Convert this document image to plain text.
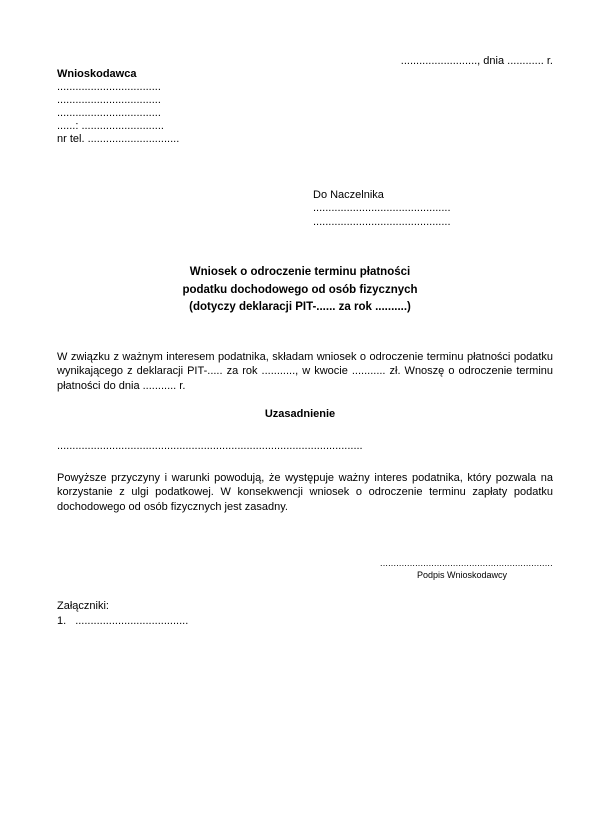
........................., dnia ............ r.
Wnioskodawca
..................................
..................................
..................................
......: ...........................
nr tel. ..............................
Do Naczelnika
.............................................
.............................................
Wniosek o odroczenie terminu płatności
podatku dochodowego od osób fizycznych
(dotyczy deklaracji PIT-...... za rok ..........)
W związku z ważnym interesem podatnika, składam wniosek o odroczenie terminu płatności podatku wynikającego z deklaracji PIT-..... za rok ..........., w kwocie ........... zł. Wnoszę o odroczenie terminu płatności do dnia ........... r.
Uzasadnienie
....................................................................................................
Powyższe przyczyny i warunki powodują, że występuje ważny interes podatnika, który pozwala na korzystanie z ulgi podatkowej. W konsekwencji wniosek o odroczenie terminu zapłaty podatku dochodowego od osób fizycznych jest zasadny.
................................................................
Podpis Wnioskodawcy
Załączniki:
1. .....................................
